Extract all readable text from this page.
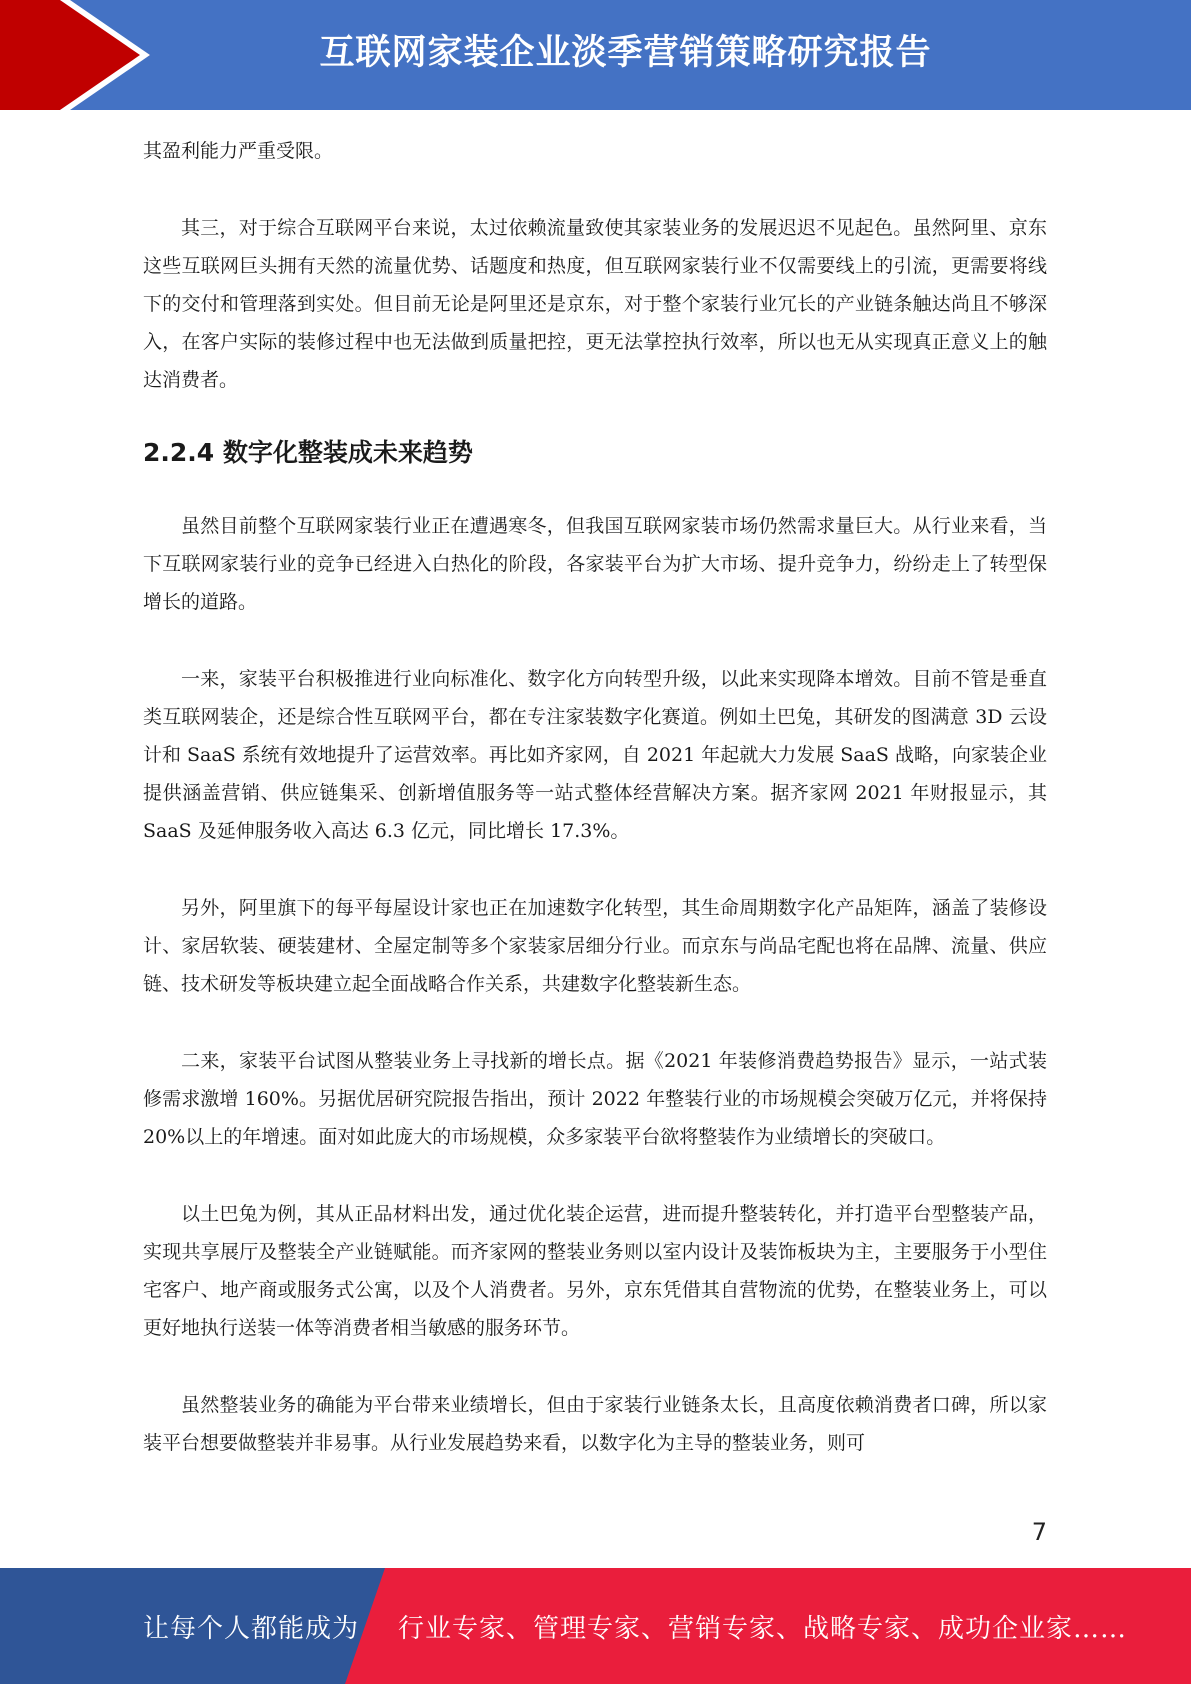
互联网家装企业淡季营销策略研究报告

其盈利能力严重受限。

其三，对于综合互联网平台来说，太过依赖流量致使其家装业务的发展迟迟不见起色。虽然阿里、京东这些互联网巨头拥有天然的流量优势、话题度和热度，但互联网家装行业不仅需要线上的引流，更需要将线下的交付和管理落到实处。但目前无论是阿里还是京东，对于整个家装行业冗长的产业链条触达尚且不够深入，在客户实际的装修过程中也无法做到质量把控，更无法掌控执行效率，所以也无从实现真正意义上的触达消费者。

2.2.4 数字化整装成未来趋势

虽然目前整个互联网家装行业正在遭遇寒冬，但我国互联网家装市场仍然需求量巨大。从行业来看，当下互联网家装行业的竞争已经进入白热化的阶段，各家装平台为扩大市场、提升竞争力，纷纷走上了转型保增长的道路。

一来，家装平台积极推进行业向标准化、数字化方向转型升级，以此来实现降本增效。目前不管是垂直类互联网装企，还是综合性互联网平台，都在专注家装数字化赛道。例如土巴兔，其研发的图满意 3D 云设计和 SaaS 系统有效地提升了运营效率。再比如齐家网，自 2021 年起就大力发展 SaaS 战略，向家装企业提供涵盖营销、供应链集采、创新增值服务等一站式整体经营解决方案。据齐家网 2021 年财报显示，其 SaaS 及延伸服务收入高达 6.3 亿元，同比增长 17.3%。

另外，阿里旗下的每平每屋设计家也正在加速数字化转型，其生命周期数字化产品矩阵，涵盖了装修设计、家居软装、硬装建材、全屋定制等多个家装家居细分行业。而京东与尚品宅配也将在品牌、流量、供应链、技术研发等板块建立起全面战略合作关系，共建数字化整装新生态。

二来，家装平台试图从整装业务上寻找新的增长点。据《2021 年装修消费趋势报告》显示，一站式装修需求激增 160%。另据优居研究院报告指出，预计 2022 年整装行业的市场规模会突破万亿元，并将保持 20%以上的年增速。面对如此庞大的市场规模，众多家装平台欲将整装作为业绩增长的突破口。

以土巴兔为例，其从正品材料出发，通过优化装企运营，进而提升整装转化，并打造平台型整装产品，实现共享展厅及整装全产业链赋能。而齐家网的整装业务则以室内设计及装饰板块为主，主要服务于小型住宅客户、地产商或服务式公寓，以及个人消费者。另外，京东凭借其自营物流的优势，在整装业务上，可以更好地执行送装一体等消费者相当敏感的服务环节。

虽然整装业务的确能为平台带来业绩增长，但由于家装行业链条太长，且高度依赖消费者口碑，所以家装平台想要做整装并非易事。从行业发展趋势来看，以数字化为主导的整装业务，则可

7
让每个人都能成为 行业专家、管理专家、营销专家、战略专家、成功企业家……
